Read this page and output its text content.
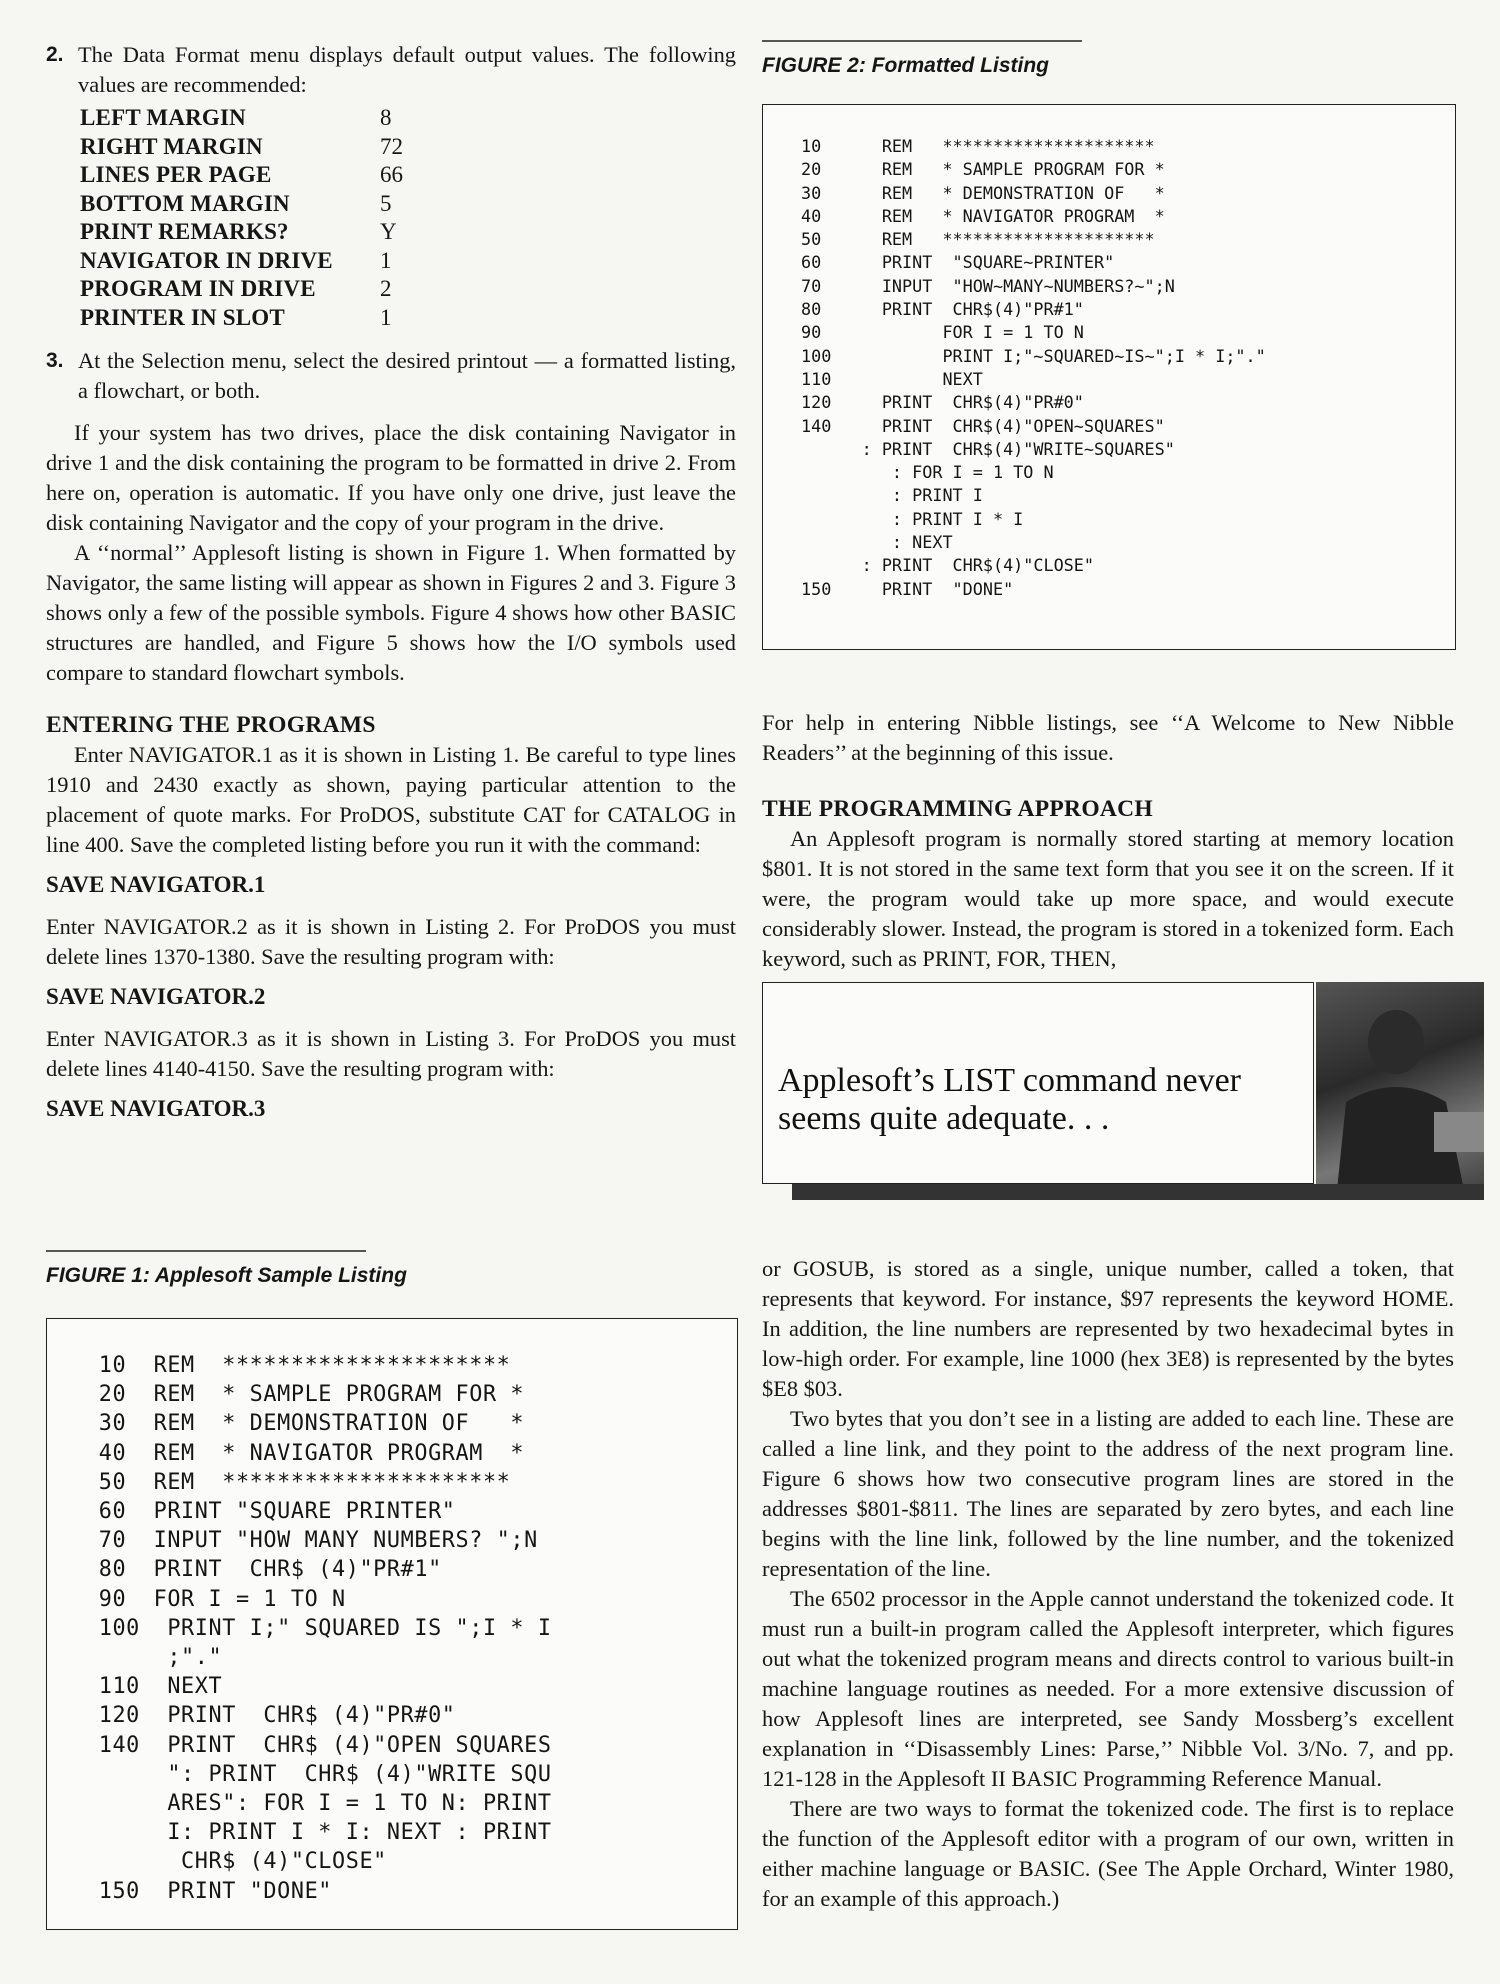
2. The Data Format menu displays default output values. The following values are recommended:

LEFT MARGIN	8
RIGHT MARGIN	72
LINES PER PAGE	66
BOTTOM MARGIN	5
PRINT REMARKS?	Y
NAVIGATOR IN DRIVE	1
PROGRAM IN DRIVE	2
PRINTER IN SLOT	1
3. At the Selection menu, select the desired printout — a formatted listing, a flowchart, or both.

If your system has two drives, place the disk containing Navigator in drive 1 and the disk containing the program to be formatted in drive 2. From here on, operation is automatic. If you have only one drive, just leave the disk containing Navigator and the copy of your program in the drive.

A ‘‘normal’’ Applesoft listing is shown in Figure 1. When formatted by Navigator, the same listing will appear as shown in Figures 2 and 3. Figure 3 shows only a few of the possible symbols. Figure 4 shows how other BASIC structures are handled, and Figure 5 shows how the I/O symbols used compare to standard flowchart symbols.

ENTERING THE PROGRAMS

Enter NAVIGATOR.1 as it is shown in Listing 1. Be careful to type lines 1910 and 2430 exactly as shown, paying particular attention to the placement of quote marks. For ProDOS, substitute CAT for CATALOG in line 400. Save the completed listing before you run it with the command:

SAVE NAVIGATOR.1

Enter NAVIGATOR.2 as it is shown in Listing 2. For ProDOS you must delete lines 1370-1380. Save the resulting program with:

SAVE NAVIGATOR.2

Enter NAVIGATOR.3 as it is shown in Listing 3. For ProDOS you must delete lines 4140-4150. Save the resulting program with:

SAVE NAVIGATOR.3
FIGURE 1: Applesoft Sample Listing
10  REM  *********************
20  REM  * SAMPLE PROGRAM FOR *
30  REM  * DEMONSTRATION OF   *
40  REM  * NAVIGATOR PROGRAM  *
50  REM  *********************
60  PRINT "SQUARE PRINTER"
70  INPUT "HOW MANY NUMBERS? ";N
80  PRINT  CHR$ (4)"PR#1"
90  FOR I = 1 TO N
100  PRINT I;" SQUARED IS ";I * I
;"."
110  NEXT
120  PRINT  CHR$ (4)"PR#0"
140  PRINT  CHR$ (4)"OPEN SQUARES
": PRINT  CHR$ (4)"WRITE SQU
ARES": FOR I = 1 TO N: PRINT
I: PRINT I * I: NEXT : PRINT
CHR$ (4)"CLOSE"
150  PRINT "DONE"
FIGURE 2: Formatted Listing
10      REM   *********************
20      REM   * SAMPLE PROGRAM FOR *
30      REM   * DEMONSTRATION OF   *
40      REM   * NAVIGATOR PROGRAM  *
50      REM   *********************
60      PRINT  "SQUARE~PRINTER"
70      INPUT  "HOW~MANY~NUMBERS?~";N
80      PRINT  CHR$(4)"PR#1"
90            FOR I = 1 TO N
100           PRINT I;"~SQUARED~IS~";I * I;"."
110           NEXT
120     PRINT  CHR$(4)"PR#0"
140     PRINT  CHR$(4)"OPEN~SQUARES"
: PRINT  CHR$(4)"WRITE~SQUARES"
: FOR I = 1 TO N
: PRINT I
: PRINT I * I
: NEXT
: PRINT  CHR$(4)"CLOSE"
150     PRINT  "DONE"

For help in entering Nibble listings, see ‘‘A Welcome to New Nibble Readers’’ at the beginning of this issue.

THE PROGRAMMING APPROACH

An Applesoft program is normally stored starting at memory location $801. It is not stored in the same text form that you see it on the screen. If it were, the program would take up more space, and would execute considerably slower. Instead, the program is stored in a tokenized form. Each keyword, such as PRINT, FOR, THEN,

Applesoft’s LIST command never seems quite adequate. . .

or GOSUB, is stored as a single, unique number, called a token, that represents that keyword. For instance, $97 represents the keyword HOME. In addition, the line numbers are represented by two hexadecimal bytes in low-high order. For example, line 1000 (hex 3E8) is represented by the bytes $E8 $03.

Two bytes that you don’t see in a listing are added to each line. These are called a line link, and they point to the address of the next program line. Figure 6 shows how two consecutive program lines are stored in the addresses $801-$811. The lines are separated by zero bytes, and each line begins with the line link, followed by the line number, and the tokenized representation of the line.

The 6502 processor in the Apple cannot understand the tokenized code. It must run a built-in program called the Applesoft interpreter, which figures out what the tokenized program means and directs control to various built-in machine language routines as needed. For a more extensive discussion of how Applesoft lines are interpreted, see Sandy Mossberg’s excellent explanation in ‘‘Disassembly Lines: Parse,’’ Nibble Vol. 3/No. 7, and pp. 121-128 in the Applesoft II BASIC Programming Reference Manual.

There are two ways to format the tokenized code. The first is to replace the function of the Applesoft editor with a program of our own, written in either machine language or BASIC. (See The Apple Orchard, Winter 1980, for an example of this approach.)
